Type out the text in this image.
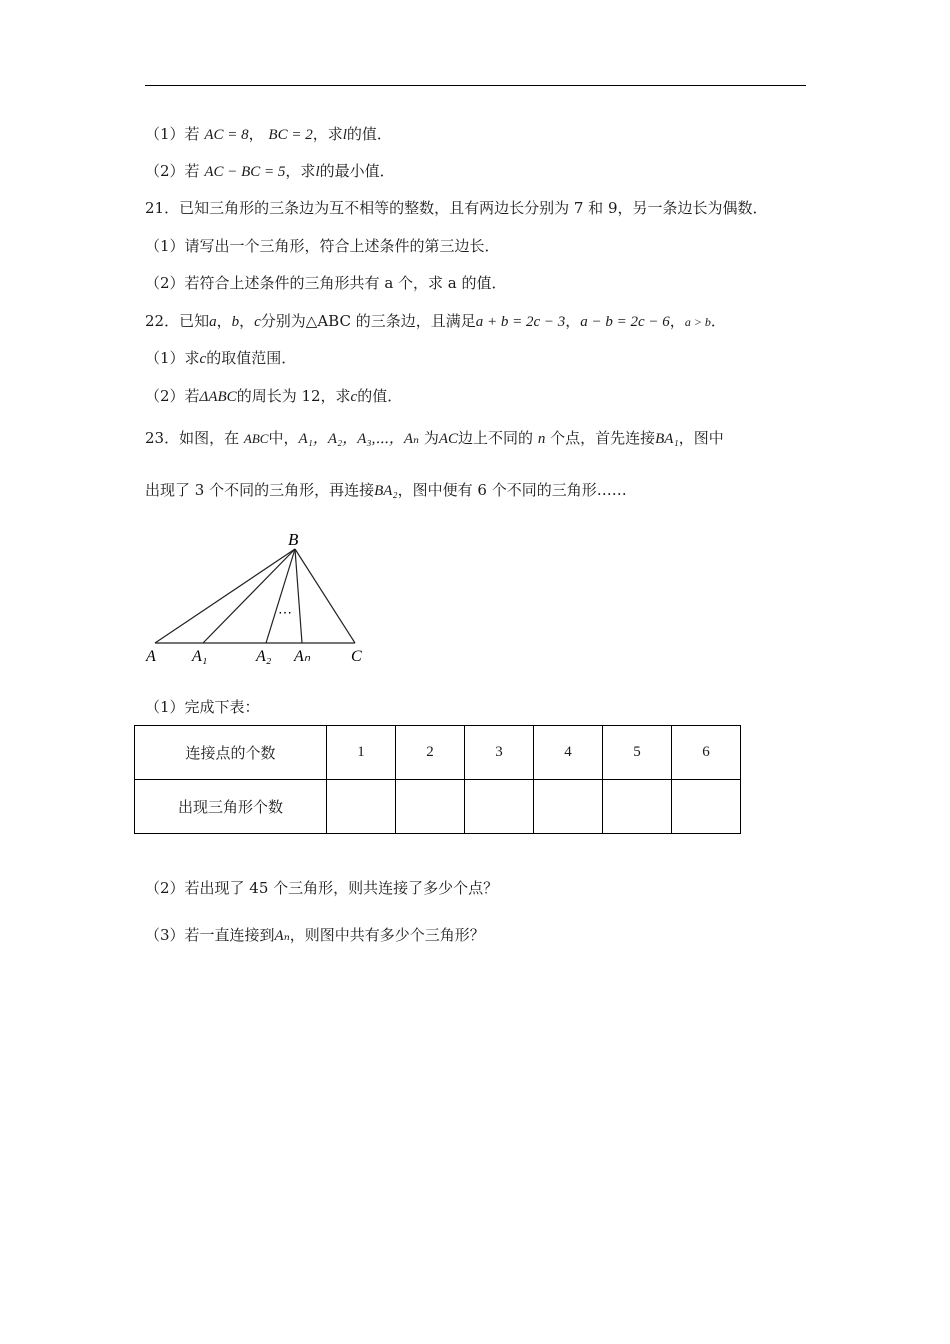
（1）若 AC = 8， BC = 2，求l的值．
（2）若 AC − BC = 5，求l的最小值．
21．已知三角形的三条边为互不相等的整数，且有两边长分别为 7 和 9，另一条边长为偶数．
（1）请写出一个三角形，符合上述条件的第三边长．
（2）若符合上述条件的三角形共有 a 个，求 a 的值．
22．已知a，b，c分别为△ABC 的三条边，且满足a + b = 2c − 3，a − b = 2c − 6，a > b．
（1）求c的取值范围．
（2）若ΔABC的周长为 12，求c的值．
23．如图，在 ABC中，A₁，A₂，A₃,⋯，Aₙ 为AC边上不同的 n 个点，首先连接BA₁，图中
出现了 3 个不同的三角形，再连接BA₂，图中便有 6 个不同的三角形……
B
⋯
A A₁	A₂ Aₙ	C
（1）完成下表：
连接点的个数	1	2	3	4	5	6
出现三角形个数						
（2）若出现了 45 个三角形，则共连接了多少个点？
（3）若一直连接到Aₙ，则图中共有多少个三角形？
